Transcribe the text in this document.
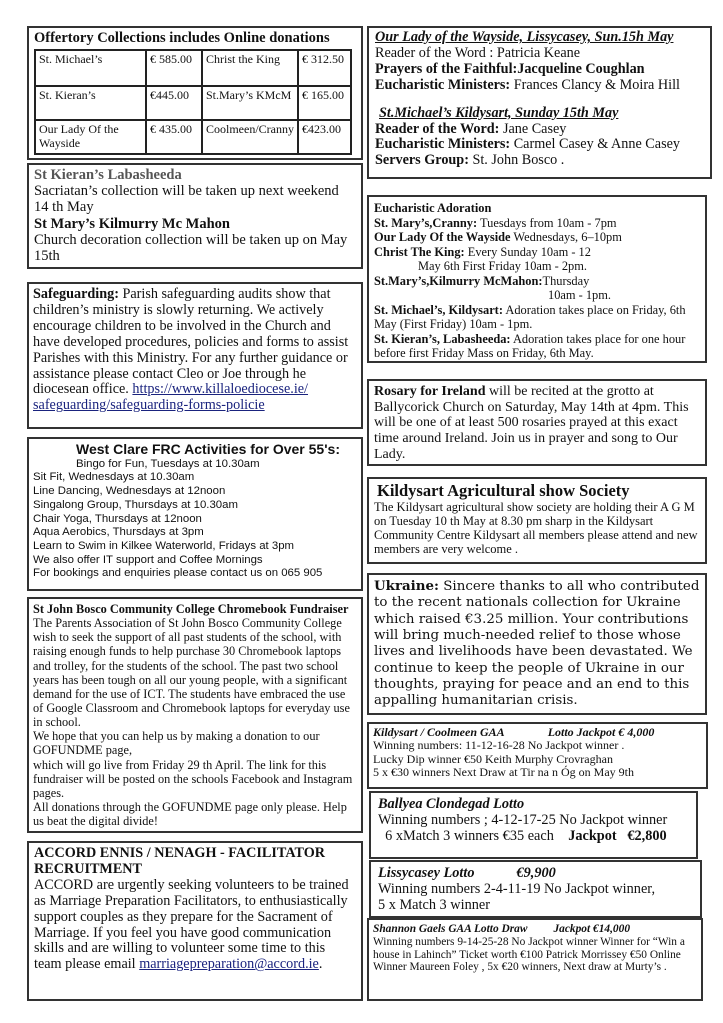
Offertory Collections includes Online donations
St. Michael’s	€ 585.00	Christ the King	€ 312.50
St. Kieran’s	€445.00	St.Mary’s KMcM	€ 165.00
Our Lady Of the Wayside	€ 435.00	Coolmeen/Cranny	€423.00
St Kieran’s Labasheeda

Sacriatan’s collection will be taken up next weekend 14 th May

St Mary’s Kilmurry Mc Mahon

Church decoration collection will be taken up on May 15th

Safeguarding: Parish safeguarding audits show that children’s ministry is slowly returning. We actively encourage children to be involved in the Church and have developed procedures, policies and forms to assist Parishes with this Ministry. For any further guidance or assistance please contact Cleo or Joe through he diocesean office. https://www.killaloediocese.ie/
safeguarding/safeguarding-forms-policie

West Clare FRC Activities for Over 55's:
Bingo for Fun, Tuesdays at 10.30am
Sit Fit, Wednesdays at 10.30am
Line Dancing, Wednesdays at 12noon
Singalong Group, Thursdays at 10.30am
Chair Yoga, Thursdays at 12noon
Aqua Aerobics, Thursdays at 3pm
Learn to Swim in Kilkee Waterworld, Fridays at 3pm
We also offer IT support and Coffee Mornings
For bookings and enquiries please contact us on 065 905
St John Bosco Community College Chromebook Fundraiser

The Parents Association of St John Bosco Community College wish to seek the support of all past students of the school, with raising enough funds to help purchase 30 Chromebook laptops and trolley, for the students of the school. The past two school years has been tough on all our young people, with a significant demand for the use of ICT. The students have embraced the use of Google Classroom and Chromebook laptops for everyday use in school.

We hope that you can help us by making a donation to our GOFUNDME page,

which will go live from Friday 29 th April. The link for this fundraiser will be posted on the schools Facebook and Instagram pages.

All donations through the GOFUNDME page only please. Help us beat the digital divide!

ACCORD ENNIS / NENAGH - FACILITATOR RECRUITMENT

ACCORD are urgently seeking volunteers to be trained as Marriage Preparation Facilitators, to enthusiastically support couples as they prepare for the Sacrament of Marriage. If you feel you have good communication skills and are willing to volunteer some time to this team please email marriagepreparation@accord.ie.

Our Lady of the Wayside, Lissycasey, Sun.15h May
Reader of the Word : Patricia Keane
Prayers of the Faithful:Jacqueline Coughlan
Eucharistic Ministers: Frances Clancy & Moira Hill
St.Michael’s Kildysart, Sunday 15th May
Reader of the Word: Jane Casey
Eucharistic Ministers: Carmel Casey & Anne Casey
Servers Group: St. John Bosco .
Eucharistic Adoration
St. Mary’s,Cranny: Tuesdays from 10am - 7pm
Our Lady Of the Wayside Wednesdays, 6–10pm
Christ The King: Every Sunday 10am - 12
May 6th First Friday 10am - 2pm.
St.Mary’s,Kilmurry McMahon:Thursday
10am - 1pm.
St. Michael’s, Kildysart: Adoration takes place on Friday, 6th May (First Friday) 10am - 1pm.
St. Kieran’s, Labasheeda: Adoration takes place for one hour before first Friday Mass on Friday, 6th May.

Rosary for Ireland will be recited at the grotto at Ballycorick Church on Saturday, May 14th at 4pm. This will be one of at least 500 rosaries prayed at this exact time around Ireland. Join us in prayer and song to Our Lady.

Kildysart Agricultural show Society

The Kildysart agricultural show society are holding their A G M on Tuesday 10 th May at 8.30 pm sharp in the Kildysart Community Centre Kildysart all members please attend and new members are very welcome .

Ukraine: Sincere thanks to all who contributed to the recent nationals collection for Ukraine which raised €3.25 million. Your contributions will bring much-needed relief to those whose lives and livelihoods have been devastated. We continue to keep the people of Ukraine in our thoughts, praying for peace and an end to this appalling humanitarian crisis.

Kildysart / Coolmeen GAA	Lotto Jackpot € 4,000
Winning numbers: 11-12-16-28 No Jackpot winner .
Lucky Dip winner €50 Keith Murphy Crovraghan
5 x €30 winners Next Draw at Tir na n Óg on May 9th
Ballyea Clondegad Lotto
Winning numbers ; 4-12-17-25 No Jackpot winner
6 xMatch 3 winners €35 each    Jackpot   €2,800
Lissycasey Lotto	€9,900
Winning numbers 2-4-11-19 No Jackpot winner,
5 x Match 3 winner
Shannon Gaels GAA Lotto Draw Jackpot €14,000

Winning numbers 9-14-25-28 No Jackpot winner Winner for “Win a house in Lahinch” Ticket worth €100 Patrick Morrissey €50 Online Winner Maureen Foley , 5x €20 winners, Next draw at Murty’s .
